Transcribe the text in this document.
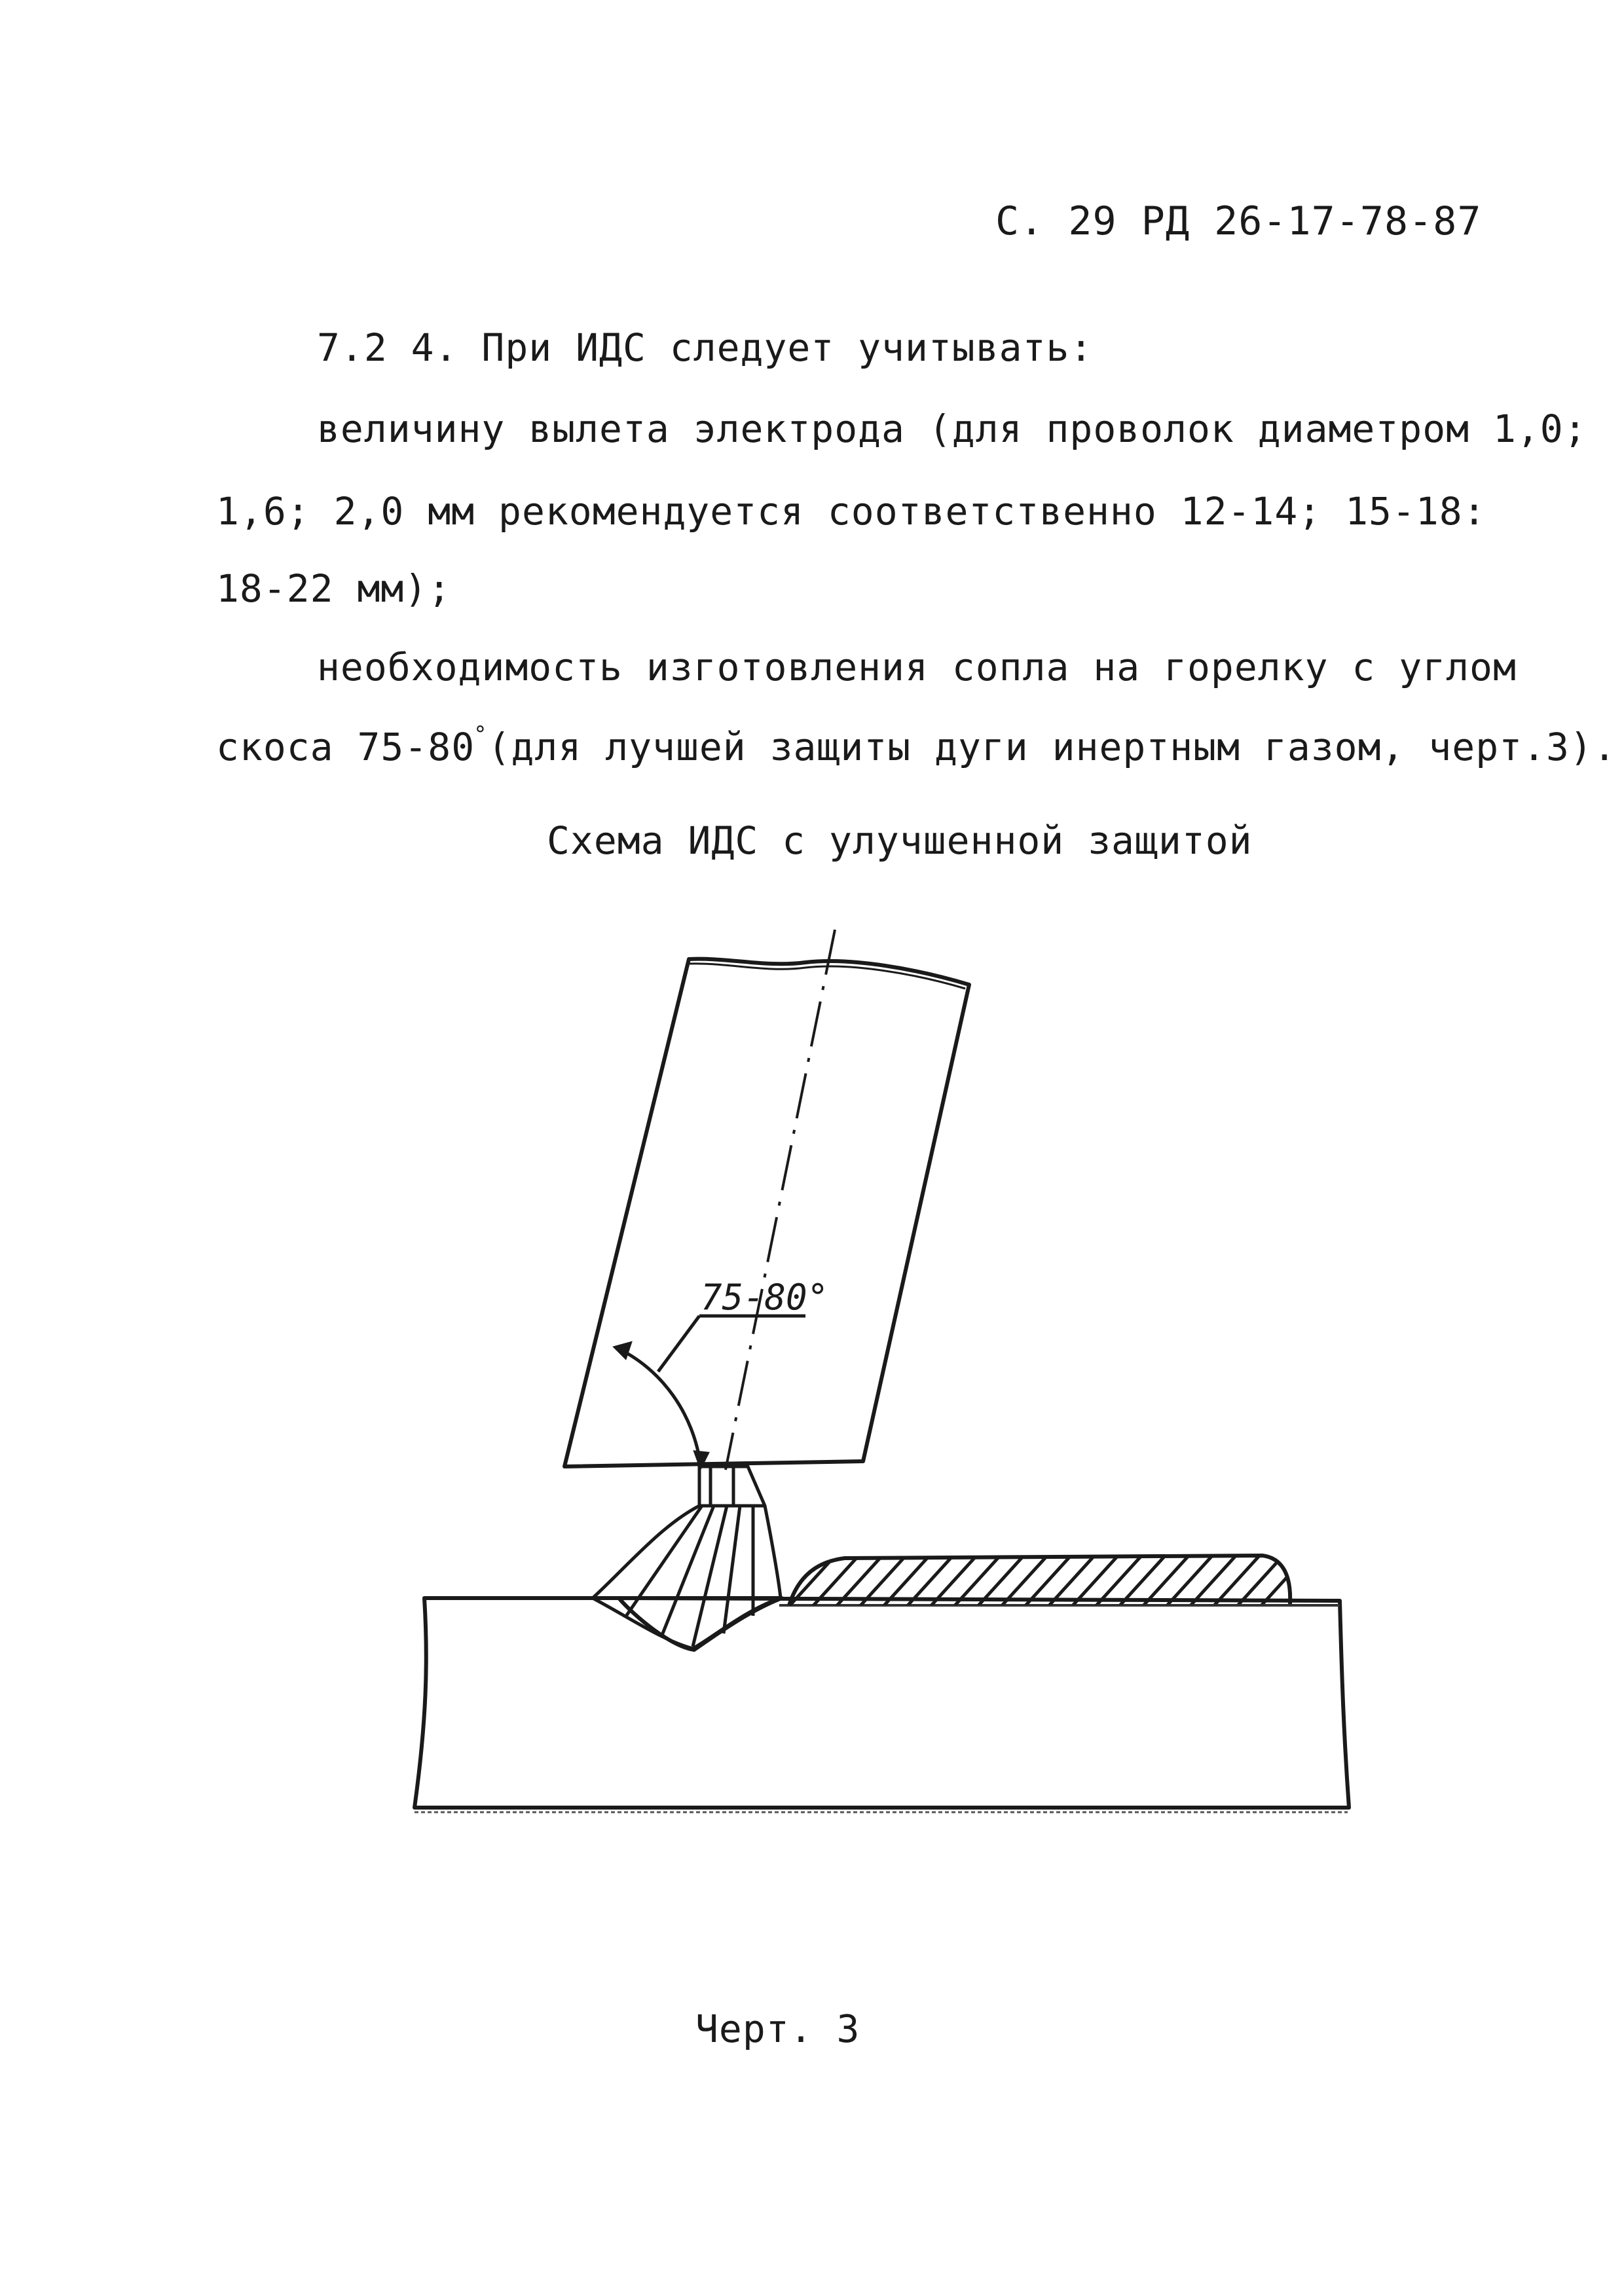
С. 29 РД 26-17-78-87
7.2 4. При ИДС следует учитывать:
величину вылета электрода (для проволок диаметром 1,0;
1,6; 2,0 мм рекомендуется соответственно 12-14; 15-18:
18-22 мм);
необходимость изготовления сопла на горелку с углом
скоса 75-80°(для лучшей защиты дуги инертным газом, черт.3).
Схема ИДС с улучшенной защитой
75-80°
Черт. 3
